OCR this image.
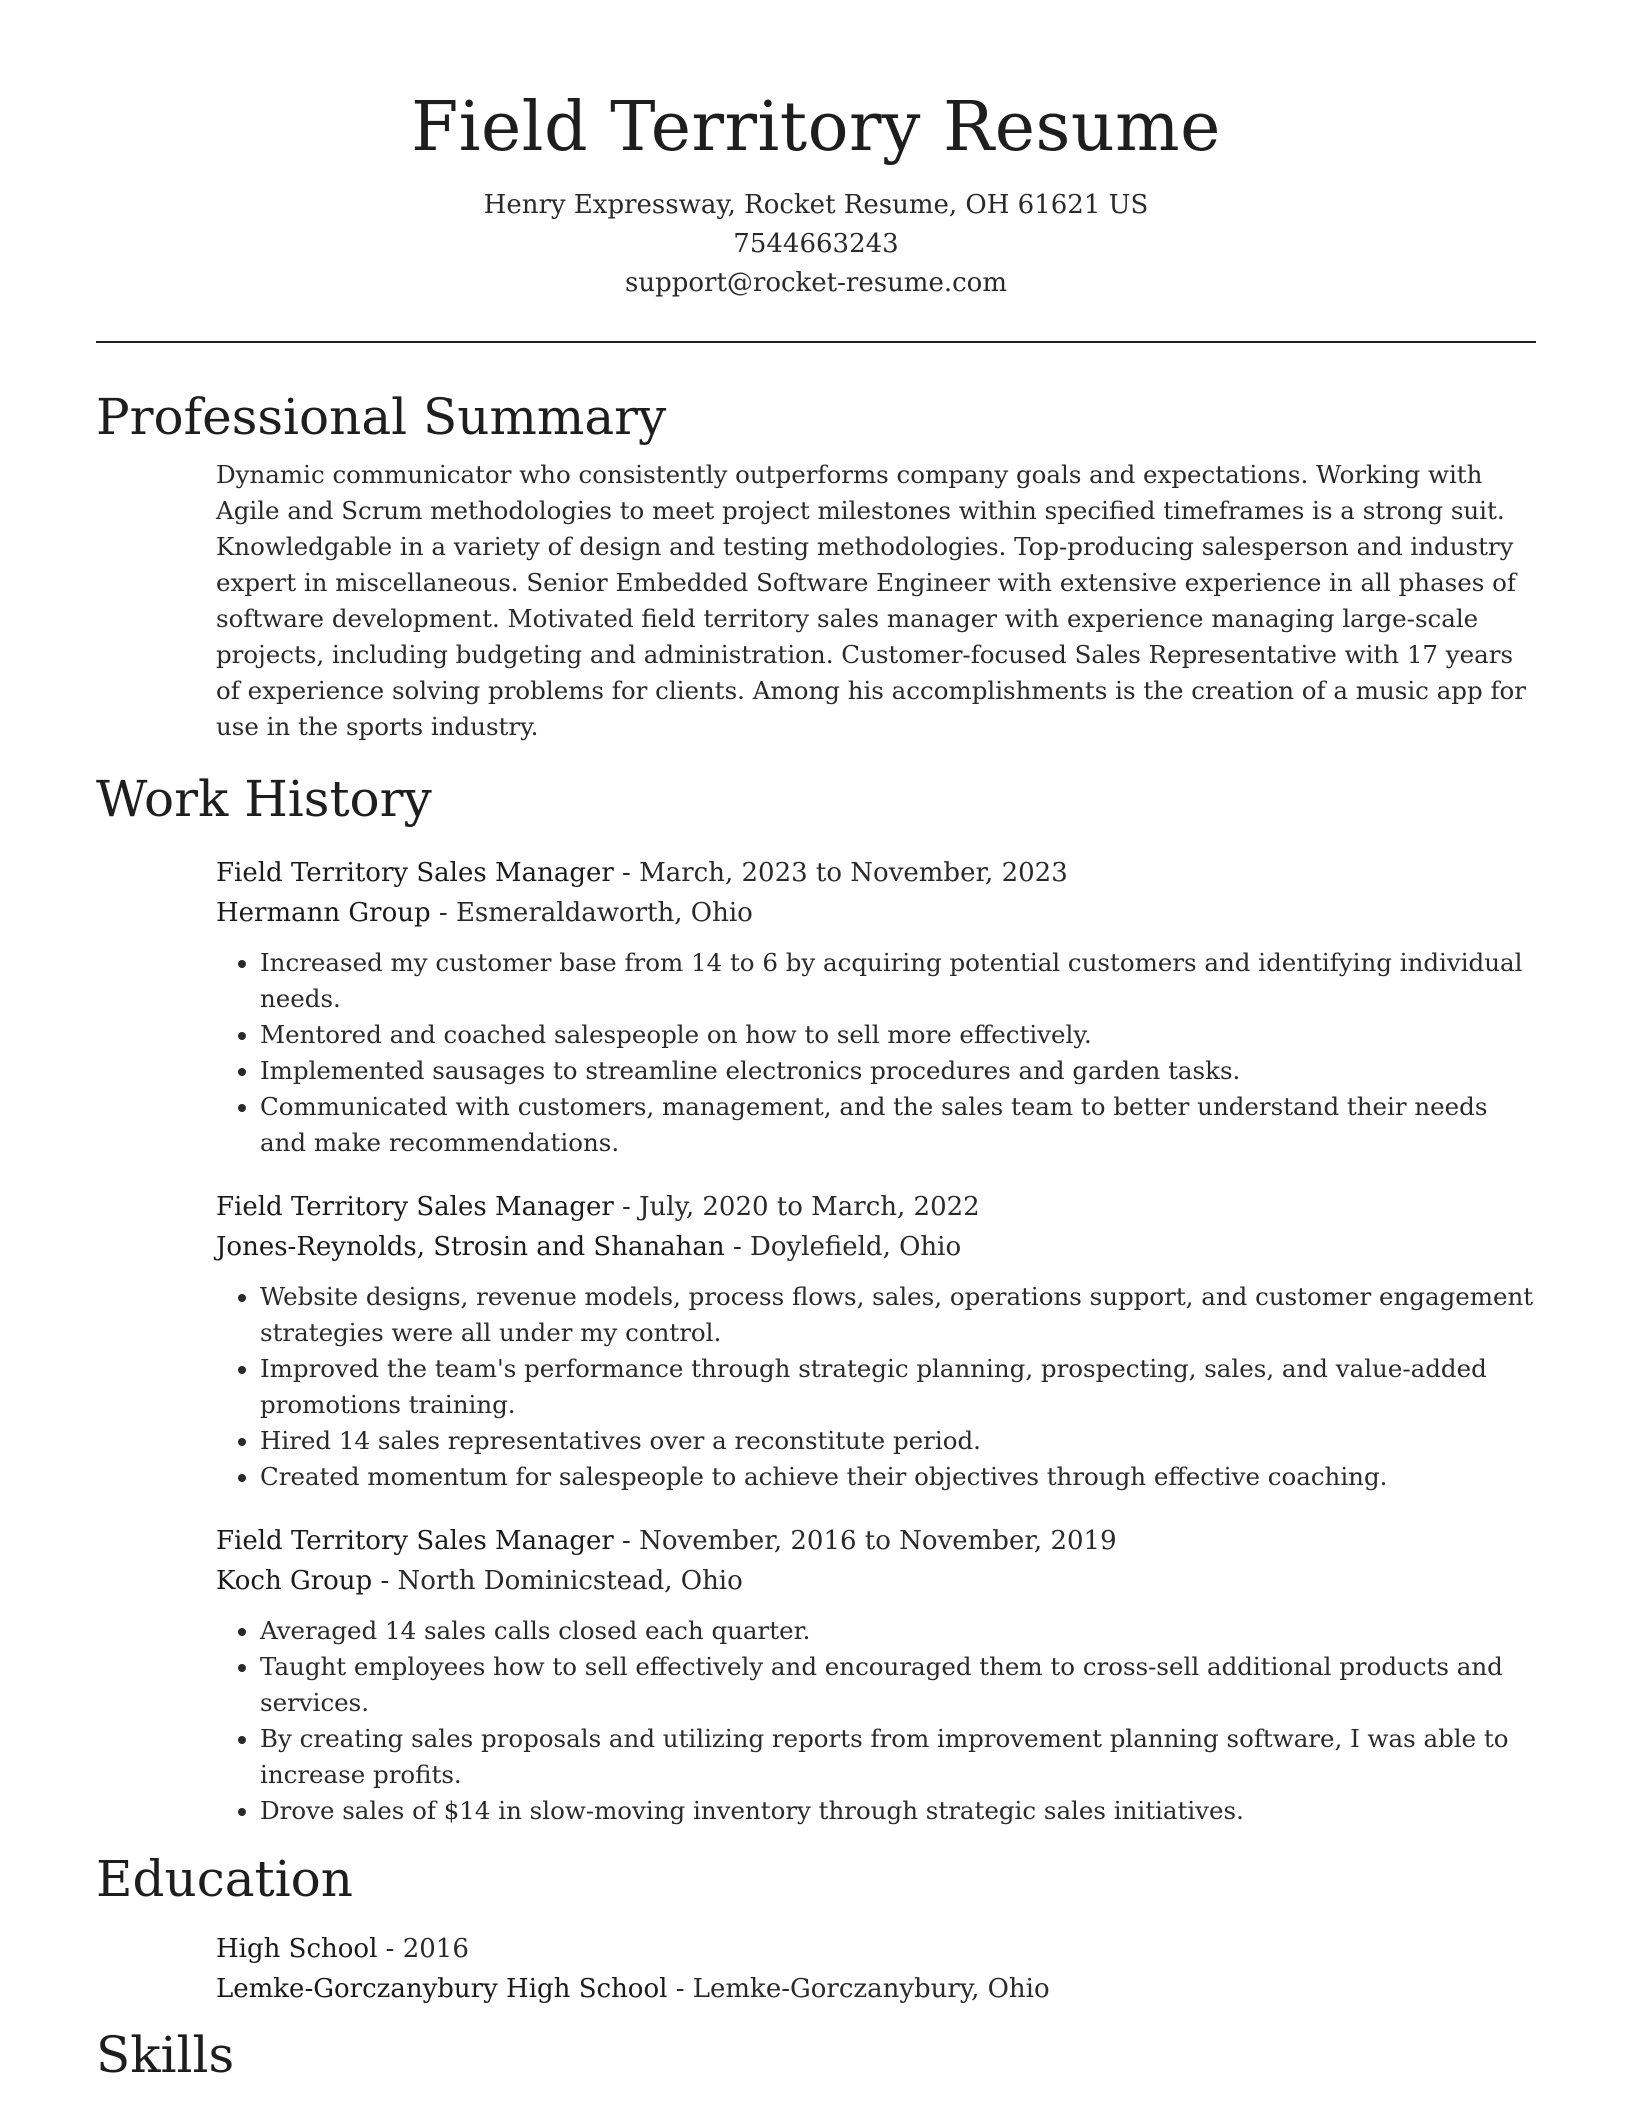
Field Territory Resume
Henry Expressway, Rocket Resume, OH 61621 US
7544663243
support@rocket-resume.com
Professional Summary
Dynamic communicator who consistently outperforms company goals and expectations. Working with Agile and Scrum methodologies to meet project milestones within specified timeframes is a strong suit. Knowledgable in a variety of design and testing methodologies. Top-producing salesperson and industry expert in miscellaneous. Senior Embedded Software Engineer with extensive experience in all phases of software development. Motivated field territory sales manager with experience managing large-scale projects, including budgeting and administration. Customer-focused Sales Representative with 17 years of experience solving problems for clients. Among his accomplishments is the creation of a music app for use in the sports industry.
Work History
Field Territory Sales Manager - March, 2023 to November, 2023
Hermann Group - Esmeraldaworth, Ohio
• Increased my customer base from 14 to 6 by acquiring potential customers and identifying individual needs.
• Mentored and coached salespeople on how to sell more effectively.
• Implemented sausages to streamline electronics procedures and garden tasks.
• Communicated with customers, management, and the sales team to better understand their needs and make recommendations.
Field Territory Sales Manager - July, 2020 to March, 2022
Jones-Reynolds, Strosin and Shanahan - Doylefield, Ohio
• Website designs, revenue models, process flows, sales, operations support, and customer engagement strategies were all under my control.
• Improved the team's performance through strategic planning, prospecting, sales, and value-added promotions training.
• Hired 14 sales representatives over a reconstitute period.
• Created momentum for salespeople to achieve their objectives through effective coaching.
Field Territory Sales Manager - November, 2016 to November, 2019
Koch Group - North Dominicstead, Ohio
• Averaged 14 sales calls closed each quarter.
• Taught employees how to sell effectively and encouraged them to cross-sell additional products and services.
• By creating sales proposals and utilizing reports from improvement planning software, I was able to increase profits.
• Drove sales of $14 in slow-moving inventory through strategic sales initiatives.
Education
High School - 2016
Lemke-Gorczanybury High School - Lemke-Gorczanybury, Ohio
Skills
